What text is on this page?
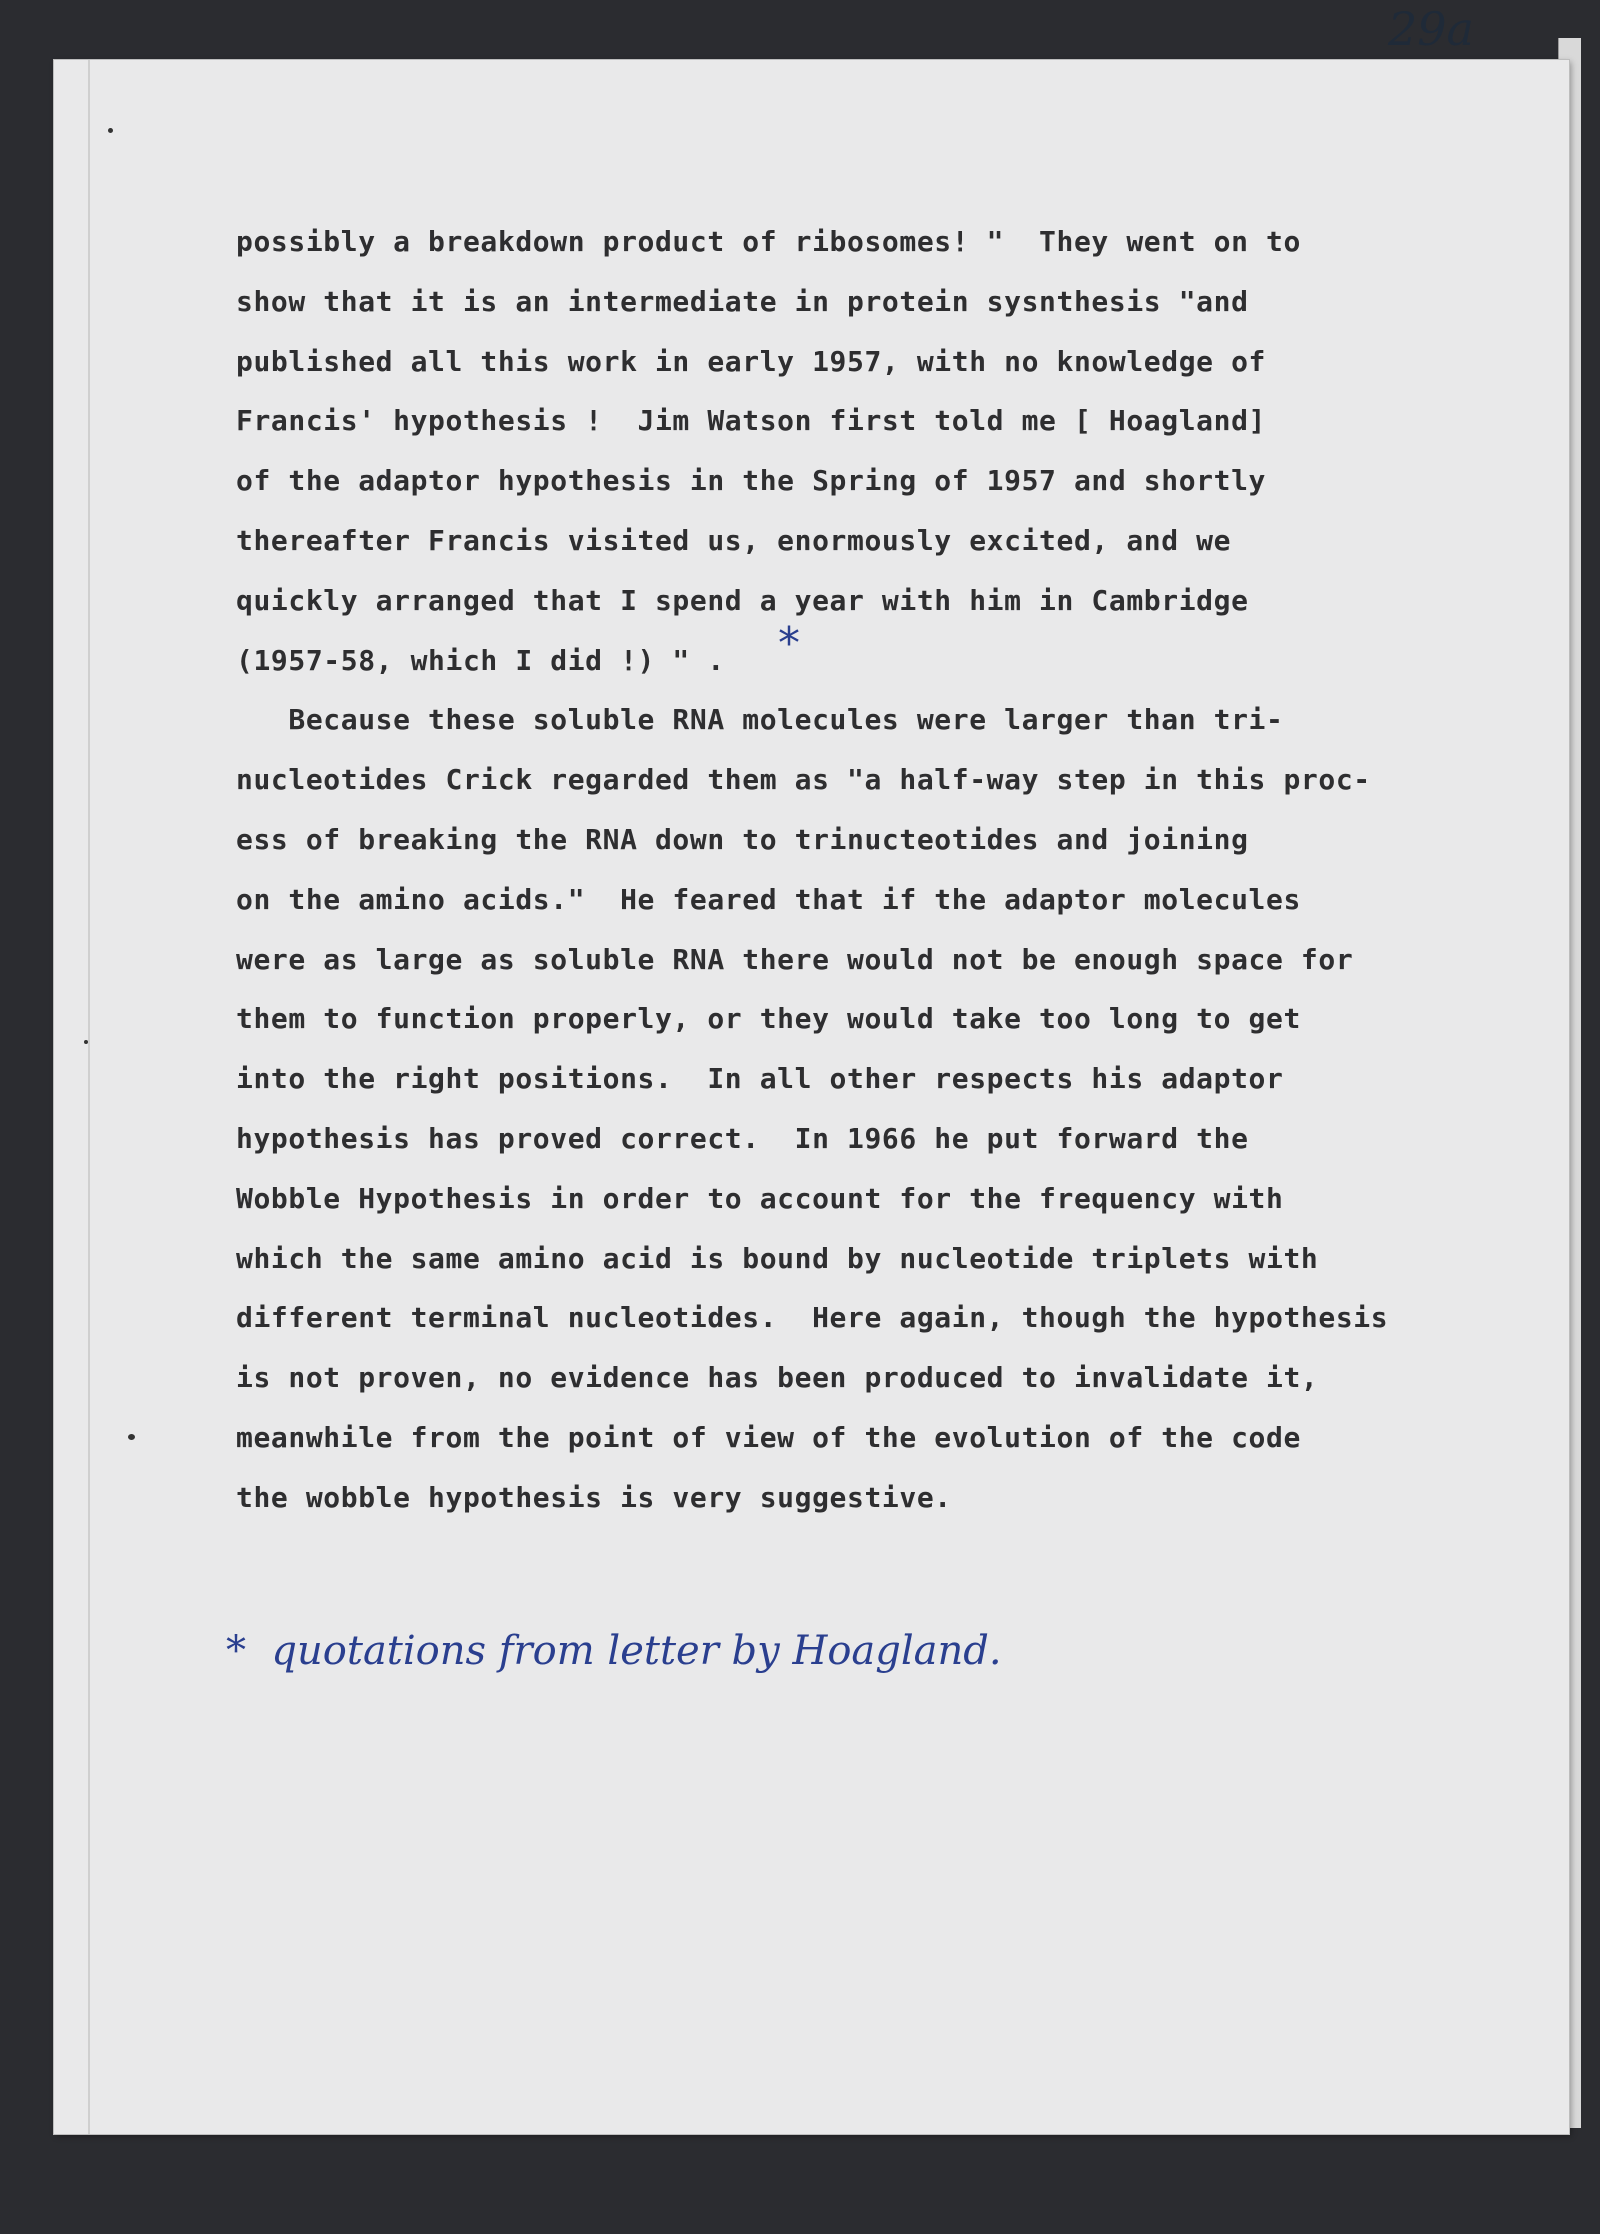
29a
possibly a breakdown product of ribosomes! "  They went on to
show that it is an intermediate in protein sysnthesis "and
published all this work in early 1957, with no knowledge of
Francis' hypothesis !  Jim Watson first told me [ Hoagland]
of the adaptor hypothesis in the Spring of 1957 and shortly
thereafter Francis visited us, enormously excited, and we
quickly arranged that I spend a year with him in Cambridge
(1957-58, which I did !) " .
Because these soluble RNA molecules were larger than tri-
nucleotides Crick regarded them as "a half-way step in this proc-
ess of breaking the RNA down to trinucteotides and joining
on the amino acids."  He feared that if the adaptor molecules
were as large as soluble RNA there would not be enough space for
them to function properly, or they would take too long to get
into the right positions.  In all other respects his adaptor
hypothesis has proved correct.  In 1966 he put forward the
Wobble Hypothesis in order to account for the frequency with
which the same amino acid is bound by nucleotide triplets with
different terminal nucleotides.  Here again, though the hypothesis
is not proven, no evidence has been produced to invalidate it,
meanwhile from the point of view of the evolution of the code
the wobble hypothesis is very suggestive.
*
*  quotations from letter by Hoagland.
